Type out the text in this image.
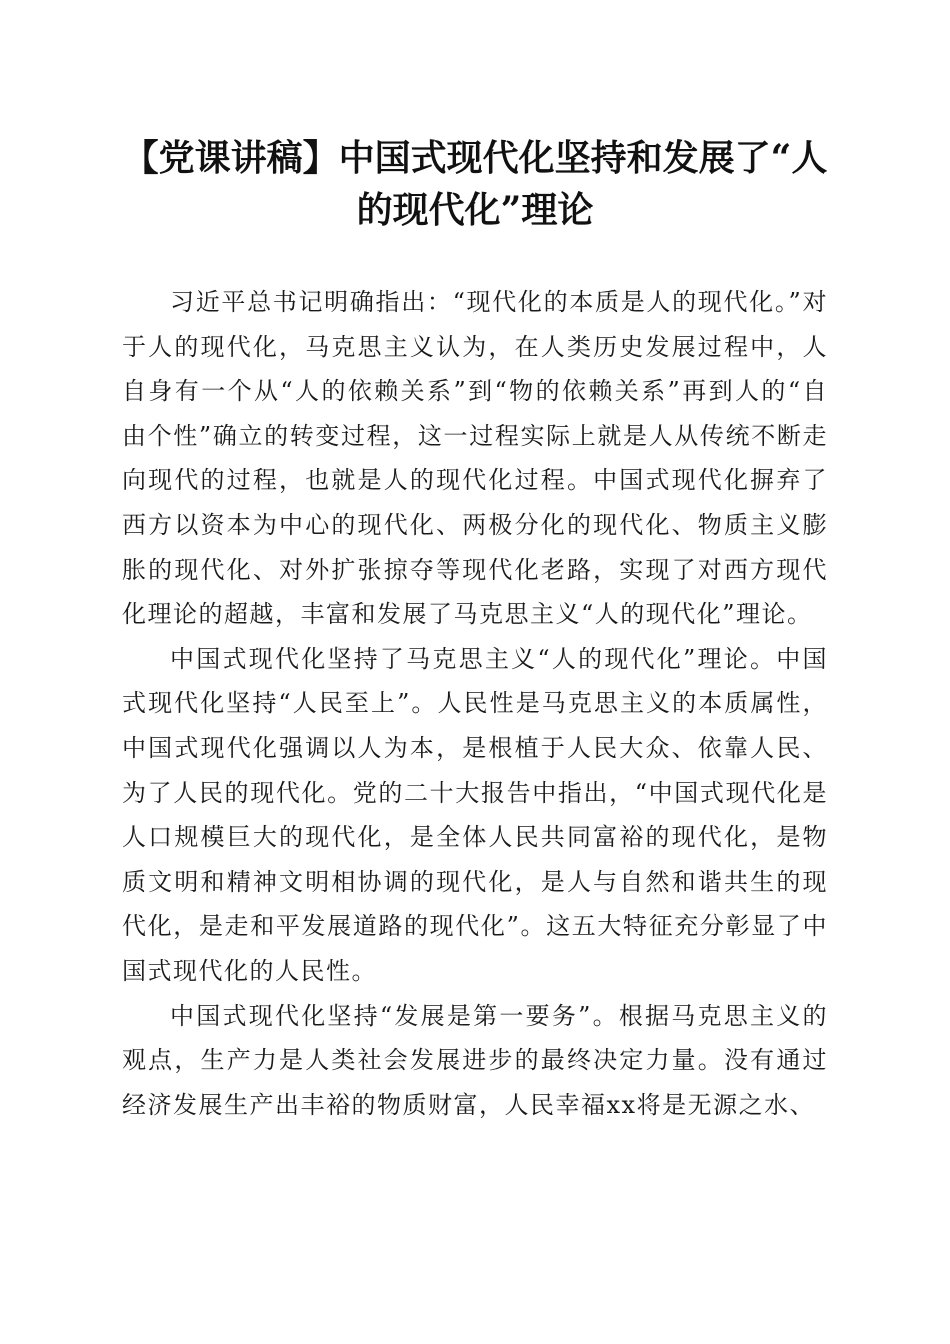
【党课讲稿】中国式现代化坚持和发展了“人的现代化”理论

习近平总书记明确指出：“现代化的本质是人的现代化。”对于人的现代化，马克思主义认为，在人类历史发展过程中，人自身有一个从“人的依赖关系”到“物的依赖关系”再到人的“自由个性”确立的转变过程，这一过程实际上就是人从传统不断走向现代的过程，也就是人的现代化过程。中国式现代化摒弃了西方以资本为中心的现代化、两极分化的现代化、物质主义膨胀的现代化、对外扩张掠夺等现代化老路，实现了对西方现代化理论的超越，丰富和发展了马克思主义“人的现代化”理论。

中国式现代化坚持了马克思主义“人的现代化”理论。中国式现代化坚持“人民至上”。人民性是马克思主义的本质属性，中国式现代化强调以人为本，是根植于人民大众、依靠人民、为了人民的现代化。党的二十大报告中指出，“中国式现代化是人口规模巨大的现代化，是全体人民共同富裕的现代化，是物质文明和精神文明相协调的现代化，是人与自然和谐共生的现代化，是走和平发展道路的现代化”。这五大特征充分彰显了中国式现代化的人民性。

中国式现代化坚持“发展是第一要务”。根据马克思主义的观点，生产力是人类社会发展进步的最终决定力量。没有通过经济发展生产出丰裕的物质财富，人民幸福xx将是无源之水、
